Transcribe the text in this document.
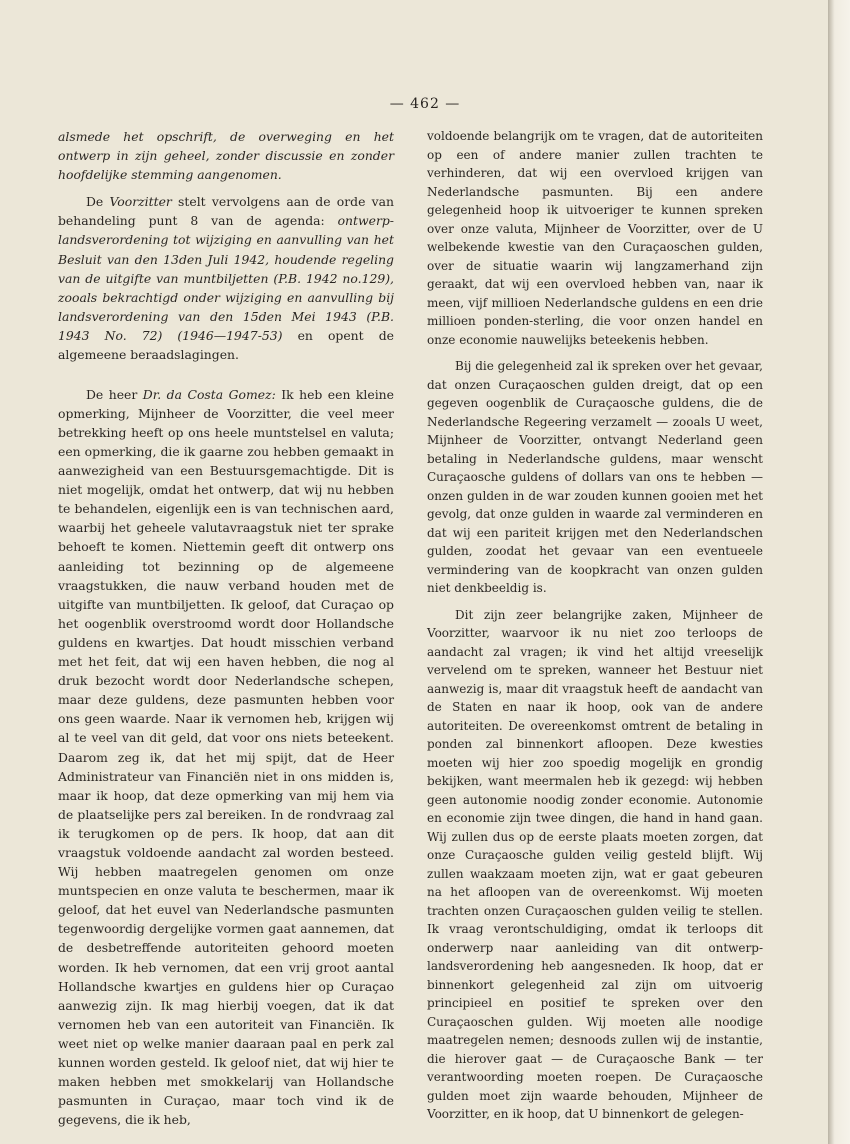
— 462 —

alsmede het opschrift, de overweging en het ontwerp in zijn geheel, zonder discussie en zonder hoofdelijke stemming aangenomen.

De Voorzitter stelt vervolgens aan de orde van behandeling punt 8 van de agenda: ontwerp-landsverordening tot wijziging en aanvulling van het Besluit van den 13den Juli 1942, houdende regeling van de uitgifte van muntbiljetten (P.B. 1942 no.129), zooals bekrachtigd onder wijziging en aanvulling bij landsverordening van den 15den Mei 1943 (P.B. 1943 No. 72) (1946—1947-53) en opent de algemeene beraadslagingen.

De heer Dr. da Costa Gomez: Ik heb een kleine opmerking, Mijnheer de Voorzitter, die veel meer betrekking heeft op ons heele muntstelsel en valuta; een opmerking, die ik gaarne zou hebben gemaakt in aanwezigheid van een Bestuursgemachtigde. Dit is niet mogelijk, omdat het ontwerp, dat wij nu hebben te behandelen, eigenlijk een is van technischen aard, waarbij het geheele valutavraagstuk niet ter sprake behoeft te komen. Niettemin geeft dit ontwerp ons aanleiding tot bezinning op de algemeene vraagstukken, die nauw verband houden met de uitgifte van muntbiljetten. Ik geloof, dat Curaçao op het oogenblik overstroomd wordt door Hollandsche guldens en kwartjes. Dat houdt misschien verband met het feit, dat wij een haven hebben, die nog al druk bezocht wordt door Nederlandsche schepen, maar deze guldens, deze pasmunten hebben voor ons geen waarde. Naar ik vernomen heb, krijgen wij al te veel van dit geld, dat voor ons niets beteekent. Daarom zeg ik, dat het mij spijt, dat de Heer Administrateur van Financiën niet in ons midden is, maar ik hoop, dat deze opmerking van mij hem via de plaatselijke pers zal bereiken. In de rondvraag zal ik terugkomen op de pers. Ik hoop, dat aan dit vraagstuk voldoende aandacht zal worden besteed. Wij hebben maatregelen genomen om onze muntspecien en onze valuta te beschermen, maar ik geloof, dat het euvel van Nederlandsche pasmunten tegenwoordig dergelijke vormen gaat aannemen, dat de desbetreffende autoriteiten gehoord moeten worden. Ik heb vernomen, dat een vrij groot aantal Hollandsche kwartjes en guldens hier op Curaçao aanwezig zijn. Ik mag hierbij voegen, dat ik dat vernomen heb van een autoriteit van Financiën. Ik weet niet op welke manier daaraan paal en perk zal kunnen worden gesteld. Ik geloof niet, dat wij hier te maken hebben met smokkelarij van Hollandsche pasmunten in Curaçao, maar toch vind ik de gegevens, die ik heb,

voldoende belangrijk om te vragen, dat de autoriteiten op een of andere manier zullen trachten te verhinderen, dat wij een overvloed krijgen van Nederlandsche pasmunten. Bij een andere gelegenheid hoop ik uitvoeriger te kunnen spreken over onze valuta, Mijnheer de Voorzitter, over de U welbekende kwestie van den Curaçaoschen gulden, over de situatie waarin wij langzamerhand zijn geraakt, dat wij een overvloed hebben van, naar ik meen, vijf millioen Nederlandsche guldens en een drie millioen ponden-sterling, die voor onzen handel en onze economie nauwelijks beteekenis hebben.

Bij die gelegenheid zal ik spreken over het gevaar, dat onzen Curaçaoschen gulden dreigt, dat op een gegeven oogenblik de Curaçaosche guldens, die de Nederlandsche Regeering verzamelt — zooals U weet, Mijnheer de Voorzitter, ontvangt Nederland geen betaling in Nederlandsche guldens, maar wenscht Curaçaosche guldens of dollars van ons te hebben — onzen gulden in de war zouden kunnen gooien met het gevolg, dat onze gulden in waarde zal verminderen en dat wij een pariteit krijgen met den Nederlandschen gulden, zoodat het gevaar van een eventueele vermindering van de koopkracht van onzen gulden niet denkbeeldig is.

Dit zijn zeer belangrijke zaken, Mijnheer de Voorzitter, waarvoor ik nu niet zoo terloops de aandacht zal vragen; ik vind het altijd vreeselijk vervelend om te spreken, wanneer het Bestuur niet aanwezig is, maar dit vraagstuk heeft de aandacht van de Staten en naar ik hoop, ook van de andere autoriteiten. De overeenkomst omtrent de betaling in ponden zal binnenkort afloopen. Deze kwesties moeten wij hier zoo spoedig mogelijk en grondig bekijken, want meermalen heb ik gezegd: wij hebben geen autonomie noodig zonder economie. Autonomie en economie zijn twee dingen, die hand in hand gaan. Wij zullen dus op de eerste plaats moeten zorgen, dat onze Curaçaosche gulden veilig gesteld blijft. Wij zullen waakzaam moeten zijn, wat er gaat gebeuren na het afloopen van de overeenkomst. Wij moeten trachten onzen Curaçaoschen gulden veilig te stellen. Ik vraag verontschuldiging, omdat ik terloops dit onderwerp naar aanleiding van dit ontwerp-landsverordening heb aangesneden. Ik hoop, dat er binnenkort gelegenheid zal zijn om uitvoerig principieel en positief te spreken over den Curaçaoschen gulden. Wij moeten alle noodige maatregelen nemen; desnoods zullen wij de instantie, die hierover gaat — de Curaçaosche Bank — ter verantwoording moeten roepen. De Curaçaosche gulden moet zijn waarde behouden, Mijnheer de Voorzitter, en ik hoop, dat U binnenkort de gelegen-
